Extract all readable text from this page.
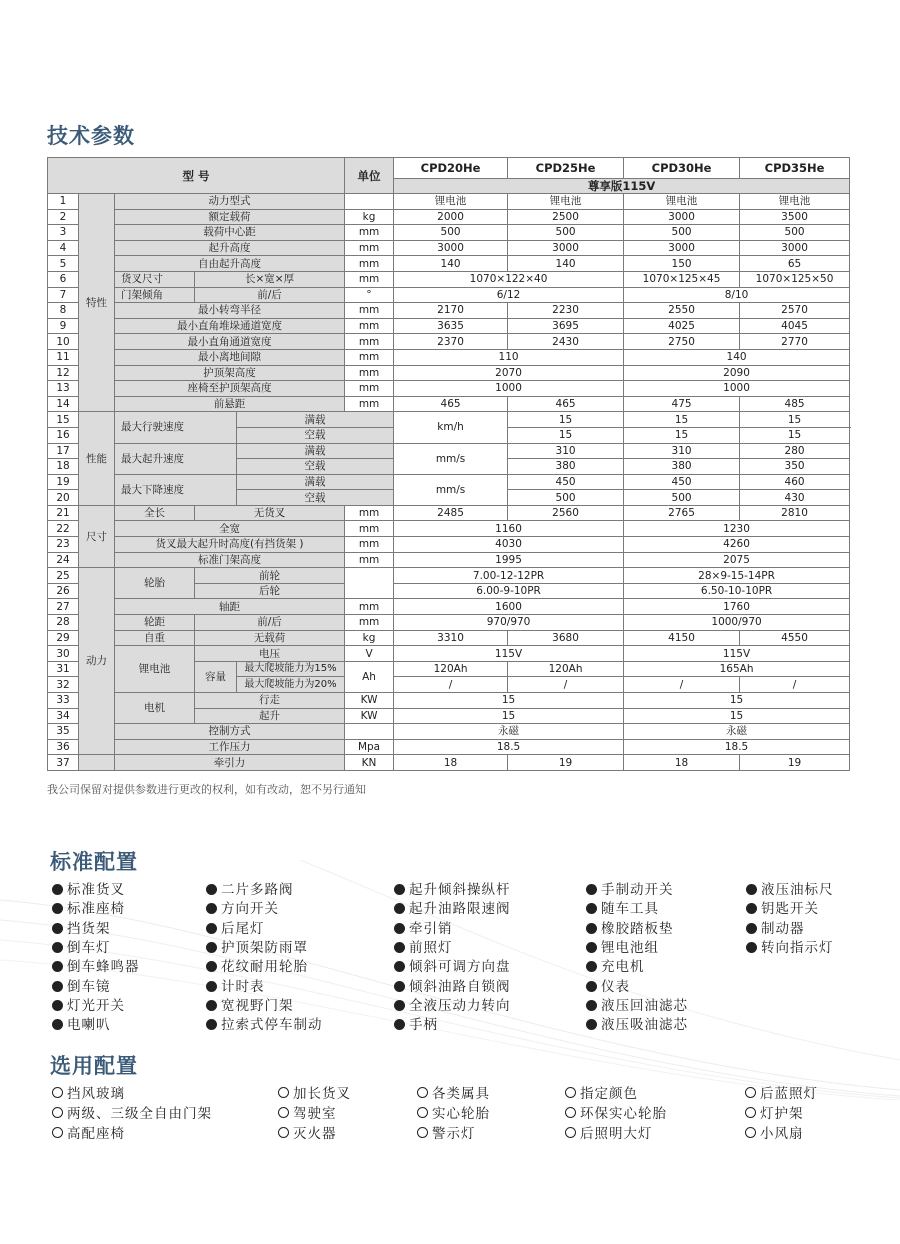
技术参数
型 号					单位	CPD20He	CPD25He	CPD30He	CPD35He	
						尊享版115V				
1	特性	动力型式				锂电池	锂电池	锂电池	锂电池	
2		额定载荷			kg	2000	2500	3000	3500	
3		载荷中心距			mm	500	500	500	500	
4		起升高度			mm	3000	3000	3000	3000	
5		自由起升高度			mm	140	140	150	65	
6		货叉尺寸	长×宽×厚		mm	1070×122×40		1070×125×45	1070×125×50	
7		门架倾角	前/后		°	6/12		8/10		
8		最小转弯半径			mm	2170	2230	2550	2570	
9		最小直角堆垛通道宽度			mm	3635	3695	4025	4045	
10		最小直角通道宽度			mm	2370	2430	2750	2770	
11		最小离地间隙			mm	110		140		
12		护顶架高度			mm	2070		2090		
13		座椅至护顶架高度			mm	1000		1000		
14		前悬距			mm	465	465	475	485	
15	性能	最大行驶速度		满载		km/h	15	15	15	
16				空载			15	15	15	
17		最大起升速度		满载		mm/s	310	310	280	
18				空载			380	380	350	
19		最大下降速度		满载		mm/s	450	450	460	
20				空载			500	500	430	
21	尺寸	全长	无货叉		mm	2485	2560	2765	2810	
22		全宽			mm	1160		1230		
23		货叉最大起升时高度(有挡货架 )			mm	4030		4260		
24		标准门架高度			mm	1995		2075		
25	动力	轮胎	前轮			7.00-12-12PR		28×9-15-14PR		
26			后轮			6.00-9-10PR		6.50-10-10PR		
27		轴距			mm	1600		1760		
28		轮距	前/后		mm	970/970		1000/970		
29		自重	无载荷		kg	3310	3680	4150	4550	
30		锂电池	电压		V	115V		115V		
31			容量	最大爬坡能力为15%	Ah	120Ah	120Ah	165Ah		
32				最大爬坡能力为20%		/	/	/	/	
33		电机	行走		KW	15		15		
34			起升		KW	15		15		
35		控制方式				永磁		永磁		
36		工作压力			Mpa	18.5		18.5		
37		牵引力			KN	18	19	18	19	
我公司保留对提供参数进行更改的权利，如有改动，恕不另行通知
标准配置
标准货叉
标准座椅
挡货架
倒车灯
倒车蜂鸣器
倒车镜
灯光开关
电喇叭
二片多路阀
方向开关
后尾灯
护顶架防雨罩
花纹耐用轮胎
计时表
宽视野门架
拉索式停车制动
起升倾斜操纵杆
起升油路限速阀
牵引销
前照灯
倾斜可调方向盘
倾斜油路自锁阀
全液压动力转向
手柄
手制动开关
随车工具
橡胶踏板垫
锂电池组
充电机
仪表
液压回油滤芯
液压吸油滤芯
液压油标尺
钥匙开关
制动器
转向指示灯
选用配置
挡风玻璃
两级、三级全自由门架
高配座椅
加长货叉
驾驶室
灭火器
各类属具
实心轮胎
警示灯
指定颜色
环保实心轮胎
后照明大灯
后蓝照灯
灯护架
小风扇
